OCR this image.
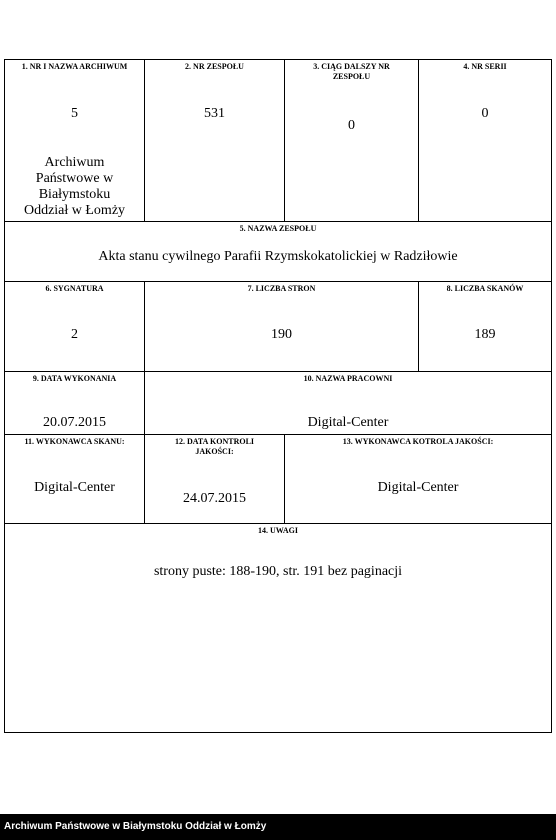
1. NR I NAZWA ARCHIWUM
5
Archiwum
Państwowe w
Białymstoku
Oddział w Łomży
2. NR ZESPOŁU
531
3. CIĄG DALSZY NR
ZESPOŁU
0
4. NR SERII
0
5. NAZWA ZESPOŁU
Akta stanu cywilnego Parafii Rzymskokatolickiej w Radziłowie
6. SYGNATURA
2
7. LICZBA STRON
190
8. LICZBA SKANÓW
189
9. DATA WYKONANIA
20.07.2015
10. NAZWA PRACOWNI
Digital-Center
11. WYKONAWCA SKANU:
Digital-Center
12. DATA KONTROLI
JAKOŚCI:
24.07.2015
13. WYKONAWCA KOTROLA JAKOŚCI:
Digital-Center
14. UWAGI
strony puste: 188-190, str. 191 bez paginacji
Archiwum Państwowe w Białymstoku Oddział w Łomży
